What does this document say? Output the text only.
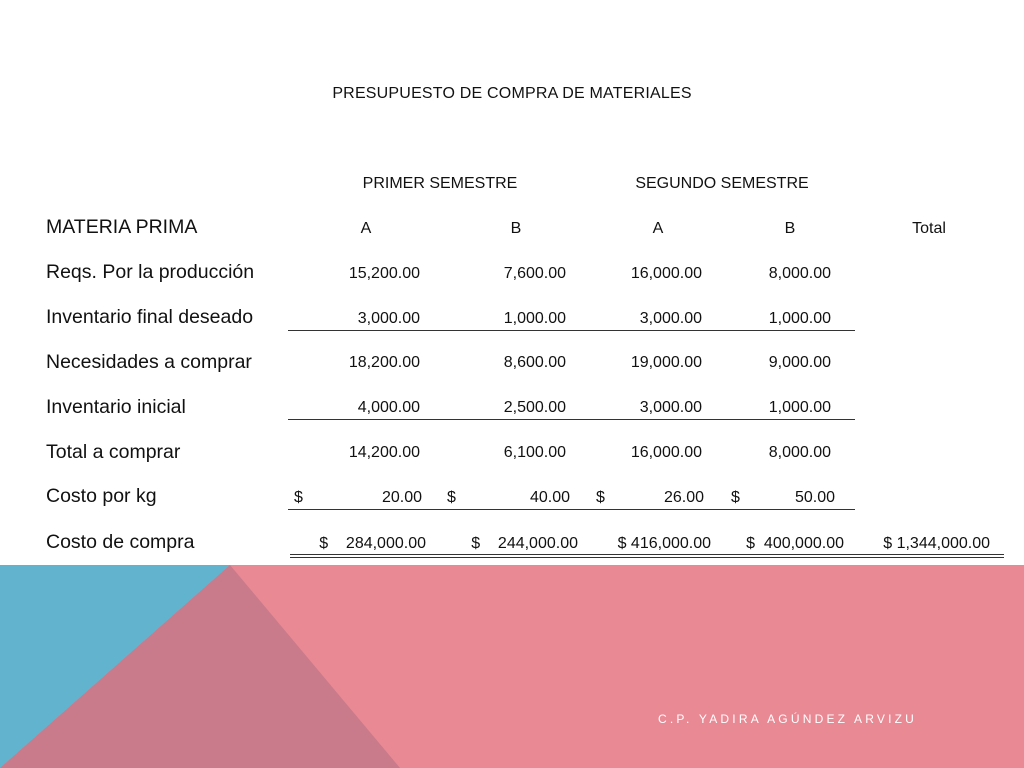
PRESUPUESTO DE COMPRA DE MATERIALES
PRIMER SEMESTRE	SEGUNDO SEMESTRE
MATERIA PRIMA	A	B	A	B	Total
Reqs. Por la producción	15,200.00	7,600.00	16,000.00	8,000.00
Inventario final deseado	3,000.00	1,000.00	3,000.00	1,000.00
Necesidades a comprar	18,200.00	8,600.00	19,000.00	9,000.00
Inventario inicial	4,000.00	2,500.00	3,000.00	1,000.00
Total a comprar	14,200.00	6,100.00	16,000.00	8,000.00
Costo por kg	$	20.00 $	40.00 $	26.00 $	50.00
Costo de compra	$    284,000.00	$    244,000.00 $ 416,000.00 $  400,000.00 $ 1,344,000.00
C.P. YADIRA AGÚNDEZ ARVIZU
